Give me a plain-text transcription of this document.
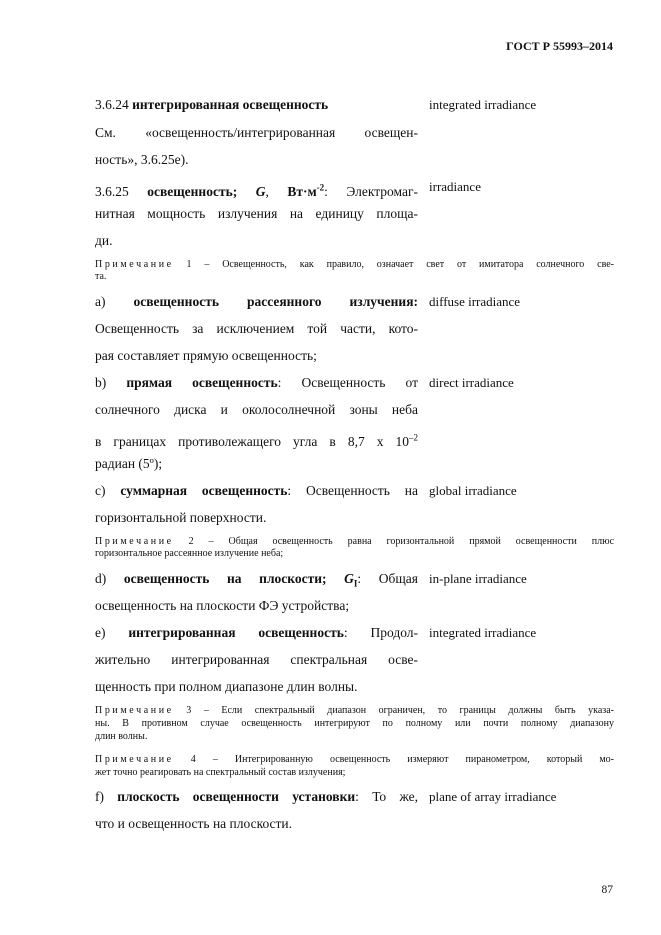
ГОСТ Р 55993–2014
3.6.24 интегрированная освещенность	integrated irradiance
См. «освещенность/интегрированная освещен-
ность», 3.6.25е).
3.6.25 освещенность; G, $Вт\cdot м^{-2}$: Электромаг- irradiance
нитная мощность излучения на единицу площа-
ди.
Примечание 1 – Освещенность, как правило, означает свет от имитатора солнечного све-
та.
a) освещенность рассеянного излучения: diffuse irradiance
Освещенность за исключением той части, кото-
рая составляет прямую освещенность;
b) прямая освещенность: Освещенность от direct irradiance
солнечного диска и околосолнечной зоны неба
в границах противолежащего угла в 8,7 х $10^{-2}$
радиан (5º);
c) суммарная освещенность: Освещенность на global irradiance
горизонтальной поверхности.
Примечание 2 – Общая освещенность равна горизонтальной прямой освещенности плюс
горизонтальное рассеянное излучение неба;
d) освещенность на плоскости; $G_I$: Общая in-plane irradiance
освещенность на плоскости ФЭ устройства;
e) интегрированная освещенность: Продол- integrated irradiance
жительно интегрированная спектральная осве-
щенность при полном диапазоне длин волны.
Примечание 3 – Если спектральный диапазон ограничен, то границы должны быть указа-
ны. В противном случае освещенность интегрируют по полному или почти полному диапазону
длин волны.
Примечание 4 – Интегрированную освещенность измеряют пиранометром, который мо-
жет точно реагировать на спектральный состав излучения;
f) плоскость освещенности установки: То же, plane of array irradiance
что и освещенность на плоскости.
87
